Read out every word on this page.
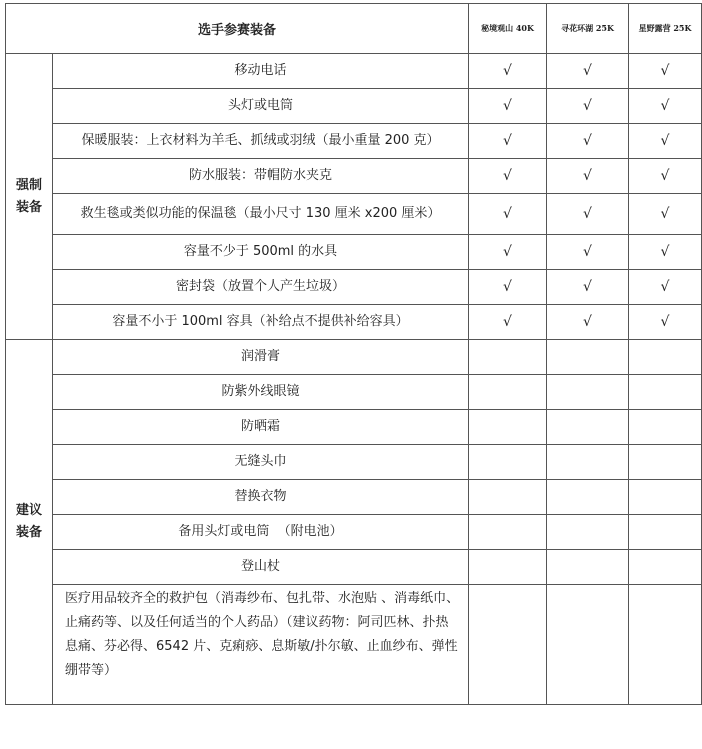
选手参赛装备		秘境观山 40K	寻花环湖 25K	星野露营 25K

强制
装备	移动电话	√	√	√
	头灯或电筒	√	√	√
	保暖服装：上衣材料为羊毛、抓绒或羽绒（最小重量 200 克）	√	√	√
	防水服装：带帽防水夹克	√	√	√
	救生毯或类似功能的保温毯（最小尺寸 130 厘米 x200 厘米）	√	√	√
	容量不少于 500ml 的水具	√	√	√
	密封袋（放置个人产生垃圾）	√	√	√
	容量不小于 100ml 容具（补给点不提供补给容具）	√	√	√

建议
装备	润滑膏			
	防紫外线眼镜			
	防晒霜			
	无缝头巾			
	替换衣物			
	备用头灯或电筒  （附电池）			
	登山杖			
	医疗用品较齐全的救护包（消毒纱布、包扎带、水泡贴 、消毒纸巾、止痛药等、以及任何适当的个人药品）（建议药物：阿司匹林、扑热息痛、芬必得、6542 片、克痢痧、息斯敏/扑尔敏、止血纱布、弹性绷带等）			
